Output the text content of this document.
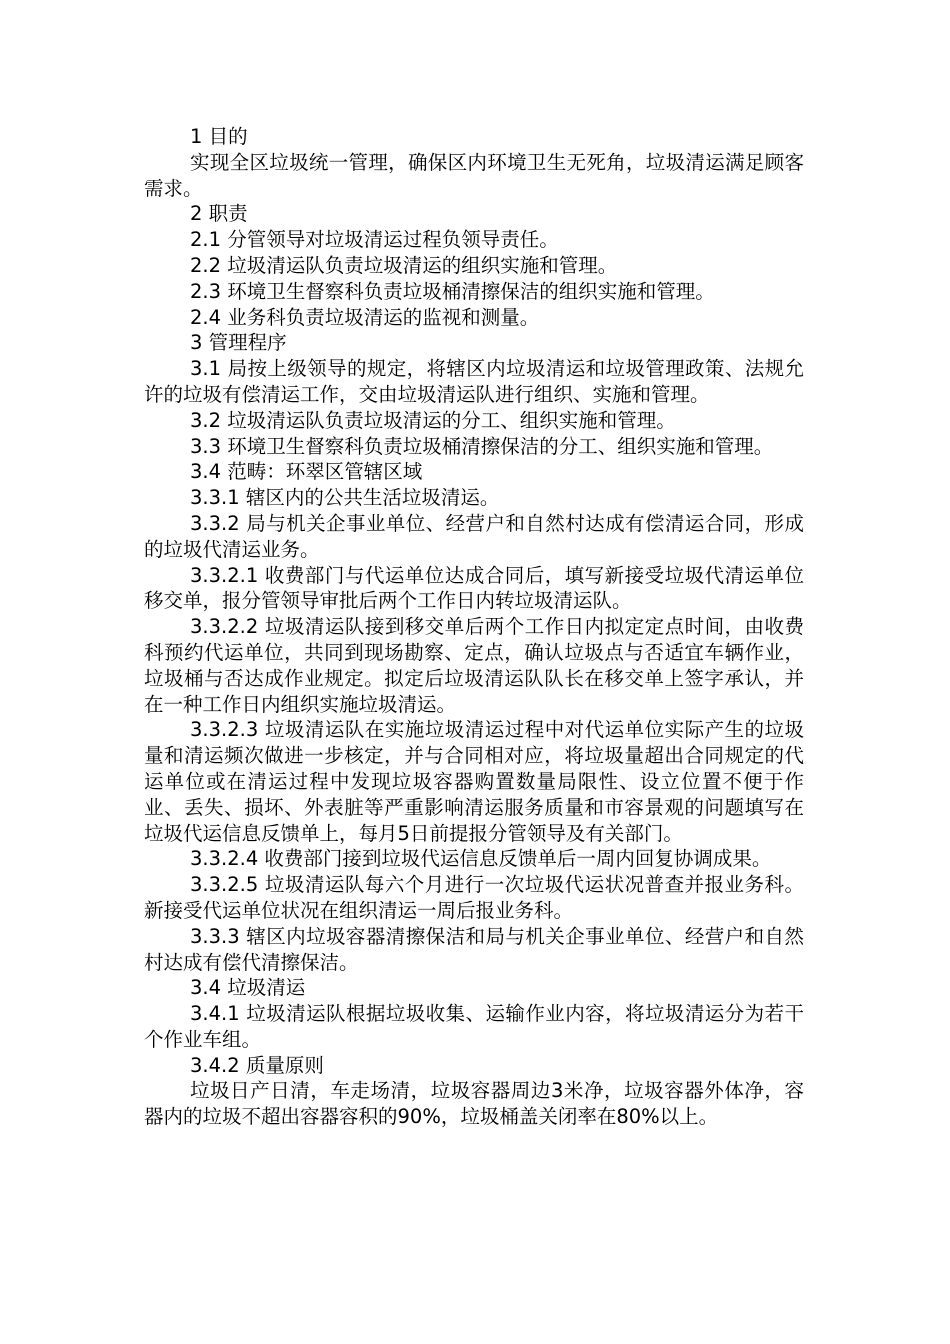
1 目的

实现全区垃圾统一管理，确保区内环境卫生无死角，垃圾清运满足顾客需求。

2 职责

2.1 分管领导对垃圾清运过程负领导责任。

2.2 垃圾清运队负责垃圾清运的组织实施和管理。

2.3 环境卫生督察科负责垃圾桶清擦保洁的组织实施和管理。

2.4 业务科负责垃圾清运的监视和测量。

3 管理程序

3.1 局按上级领导的规定，将辖区内垃圾清运和垃圾管理政策、法规允许的垃圾有偿清运工作，交由垃圾清运队进行组织、实施和管理。

3.2 垃圾清运队负责垃圾清运的分工、组织实施和管理。

3.3 环境卫生督察科负责垃圾桶清擦保洁的分工、组织实施和管理。

3.4 范畴：环翠区管辖区域

3.3.1 辖区内的公共生活垃圾清运。

3.3.2 局与机关企事业单位、经营户和自然村达成有偿清运合同，形成的垃圾代清运业务。

3.3.2.1 收费部门与代运单位达成合同后，填写新接受垃圾代清运单位移交单，报分管领导审批后两个工作日内转垃圾清运队。

3.3.2.2 垃圾清运队接到移交单后两个工作日内拟定定点时间，由收费科预约代运单位，共同到现场勘察、定点，确认垃圾点与否适宜车辆作业，垃圾桶与否达成作业规定。拟定后垃圾清运队队长在移交单上签字承认，并在一种工作日内组织实施垃圾清运。

3.3.2.3 垃圾清运队在实施垃圾清运过程中对代运单位实际产生的垃圾量和清运频次做进一步核定，并与合同相对应，将垃圾量超出合同规定的代运单位或在清运过程中发现垃圾容器购置数量局限性、设立位置不便于作业、丢失、损坏、外表脏等严重影响清运服务质量和市容景观的问题填写在垃圾代运信息反馈单上，每月5日前提报分管领导及有关部门。

3.3.2.4 收费部门接到垃圾代运信息反馈单后一周内回复协调成果。

3.3.2.5 垃圾清运队每六个月进行一次垃圾代运状况普查并报业务科。新接受代运单位状况在组织清运一周后报业务科。

3.3.3 辖区内垃圾容器清擦保洁和局与机关企事业单位、经营户和自然村达成有偿代清擦保洁。

3.4 垃圾清运

3.4.1 垃圾清运队根据垃圾收集、运输作业内容，将垃圾清运分为若干个作业车组。

3.4.2 质量原则

垃圾日产日清，车走场清，垃圾容器周边3米净，垃圾容器外体净，容器内的垃圾不超出容器容积的90%，垃圾桶盖关闭率在80%以上。
